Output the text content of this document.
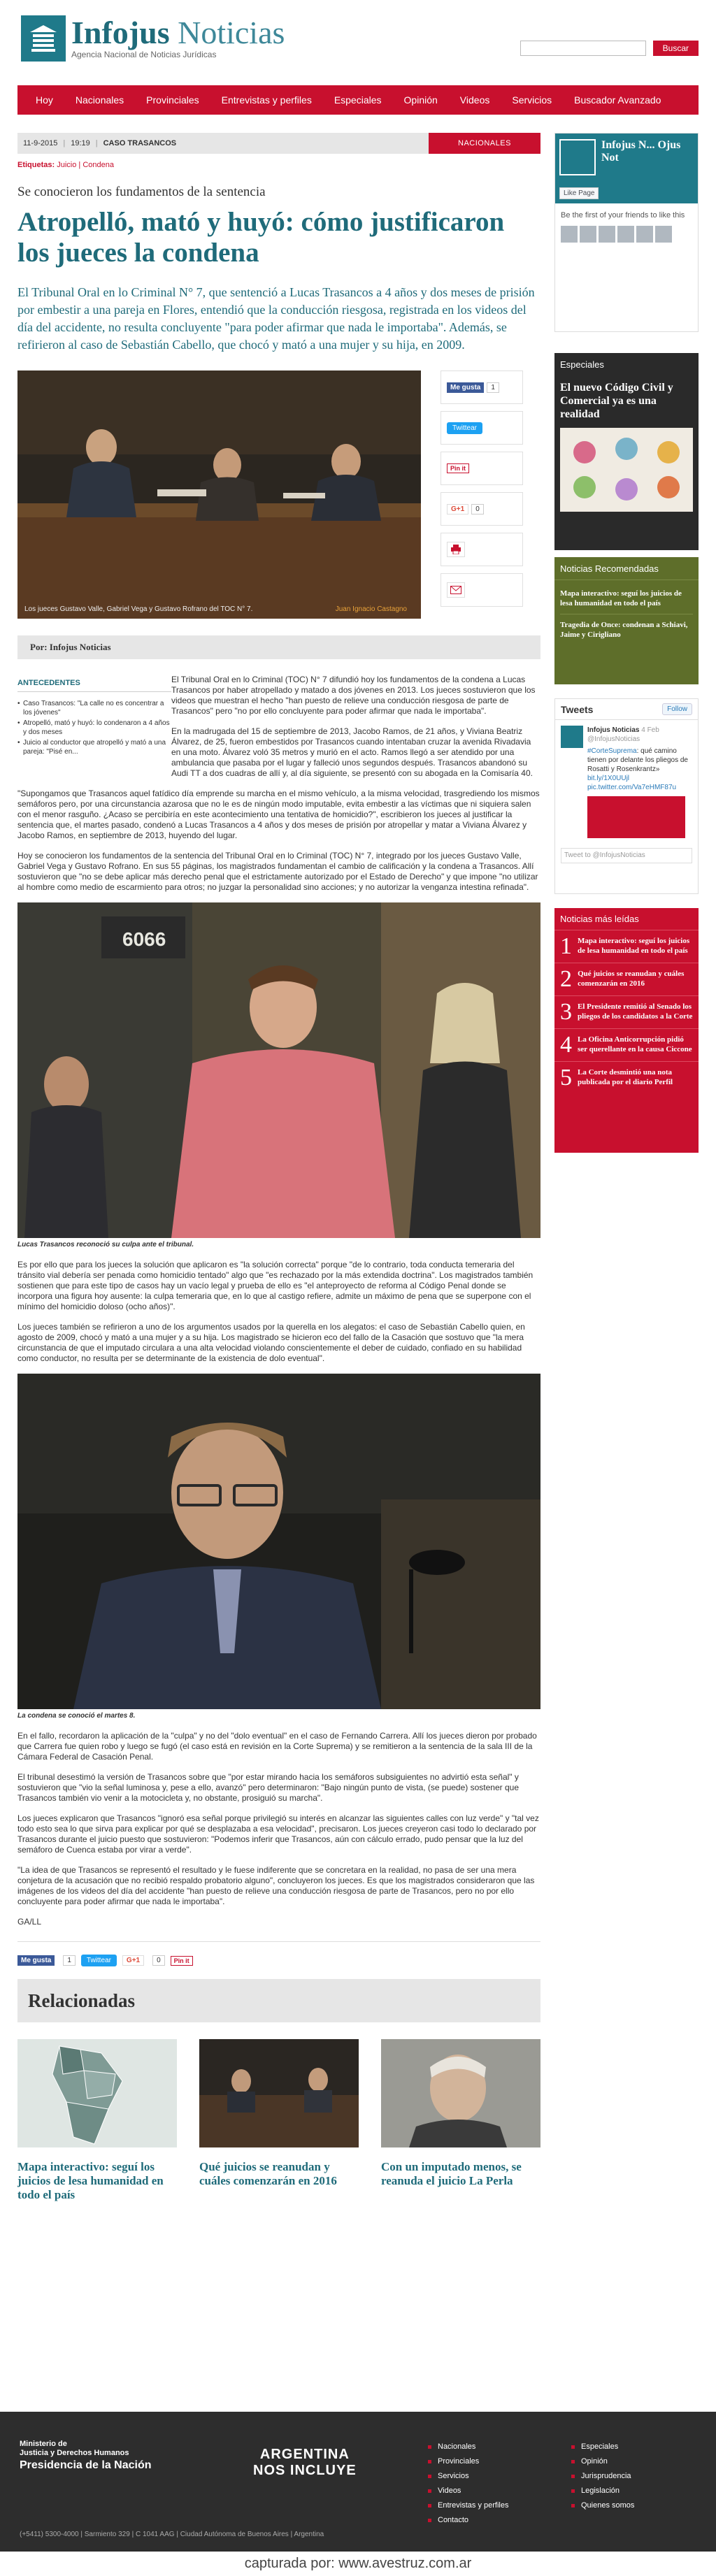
Infojus Noticias
Agencia Nacional de Noticias Jurídicas
Buscar
Hoy Nacionales Provinciales Entrevistas y perfiles Especiales Opinión Videos Servicios Buscador Avanzado
11-9-2015 | 19:19 | CASO TRASANCOS	NACIONALES
Etiquetas: Juicio | Condena
Se conocieron los fundamentos de la sentencia
Atropelló, mató y huyó: cómo justificaron los jueces la condena

El Tribunal Oral en lo Criminal N° 7, que sentenció a Lucas Trasancos a 4 años y dos meses de prisión por embestir a una pareja en Flores, entendió que la conducción riesgosa, registrada en los videos del día del accidente, no resulta concluyente "para poder afirmar que nada le importaba". Además, se refirieron al caso de Sebastián Cabello, que chocó y mató a una mujer y su hija, en 2009.

Los jueces Gustavo Valle, Gabriel Vega y Gustavo Rofrano del TOC N° 7.	Juan Ignacio Castagno
Me gusta	1
Twittear
Pin it
G+1	0
Por: Infojus Noticias
ANTECEDENTES
• Caso Trasancos: "La calle no es concentrar a los jóvenes"
• Atropelló, mató y huyó: lo condenaron a 4 años y dos meses
• Juicio al conductor que atropelló y mató a una pareja: "Pisé en...

El Tribunal Oral en lo Criminal (TOC) N° 7 difundió hoy los fundamentos de la condena a Lucas Trasancos por haber atropellado y matado a dos jóvenes en 2013. Los jueces sostuvieron que los videos que muestran el hecho "han puesto de relieve una conducción riesgosa de parte de Trasancos" pero "no por ello concluyente para poder afirmar que nada le importaba".

En la madrugada del 15 de septiembre de 2013, Jacobo Ramos, de 21 años, y Viviana Beatriz Álvarez, de 25, fueron embestidos por Trasancos cuando intentaban cruzar la avenida Rivadavia en una moto. Álvarez voló 35 metros y murió en el acto. Ramos llegó a ser atendido por una ambulancia que pasaba por el lugar y falleció unos segundos después. Trasancos abandonó su Audi TT a dos cuadras de allí y, al día siguiente, se presentó con su abogada en la Comisaría 40.

"Supongamos que Trasancos aquel fatídico día emprende su marcha en el mismo vehículo, a la misma velocidad, trasgrediendo los mismos semáforos pero, por una circunstancia azarosa que no le es de ningún modo imputable, evita embestir a las víctimas que ni siquiera salen con el menor rasguño. ¿Acaso se percibiría en este acontecimiento una tentativa de homicidio?", escribieron los jueces al justificar la sentencia que, el martes pasado, condenó a Lucas Trasancos a 4 años y dos meses de prisión por atropellar y matar a Viviana Álvarez y Jacobo Ramos, en septiembre de 2013, huyendo del lugar.

Hoy se conocieron los fundamentos de la sentencia del Tribunal Oral en lo Criminal (TOC) N° 7, integrado por los jueces Gustavo Valle, Gabriel Vega y Gustavo Rofrano. En sus 55 páginas, los magistrados fundamentan el cambio de calificación y la condena a Trasancos. Allí sostuvieron que "no se debe aplicar más derecho penal que el estrictamente autorizado por el Estado de Derecho" y que impone "no utilizar al hombre como medio de escarmiento para otros; no juzgar la personalidad sino acciones; y no autorizar la venganza intestina refinada".

6066
Lucas Trasancos reconoció su culpa ante el tribunal.

Es por ello que para los jueces la solución que aplicaron es "la solución correcta" porque "de lo contrario, toda conducta temeraria del tránsito vial debería ser penada como homicidio tentado" algo que "es rechazado por la más extendida doctrina". Los magistrados también sostienen que para este tipo de casos hay un vacío legal y prueba de ello es "el anteproyecto de reforma al Código Penal donde se incorpora una figura hoy ausente: la culpa temeraria que, en lo que al castigo refiere, admite un máximo de pena que se superpone con el mínimo del homicidio doloso (ocho años)".

Los jueces también se refirieron a uno de los argumentos usados por la querella en los alegatos: el caso de Sebastián Cabello quien, en agosto de 2009, chocó y mató a una mujer y a su hija. Los magistrado se hicieron eco del fallo de la Casación que sostuvo que "la mera circunstancia de que el imputado circulara a una alta velocidad violando conscientemente el deber de cuidado, confiado en su habilidad como conductor, no resulta per se determinante de la existencia de dolo eventual".

La condena se conoció el martes 8.

En el fallo, recordaron la aplicación de la "culpa" y no del "dolo eventual" en el caso de Fernando Carrera. Allí los jueces dieron por probado que Carrera fue quien robo y luego se fugó (el caso está en revisión en la Corte Suprema) y se remitieron a la sentencia de la sala III de la Cámara Federal de Casación Penal.

El tribunal desestimó la versión de Trasancos sobre que "por estar mirando hacia los semáforos subsiguientes no advirtió esta señal" y sostuvieron que "vio la señal luminosa y, pese a ello, avanzó" pero determinaron: "Bajo ningún punto de vista, (se puede) sostener que Trasancos también vio venir a la motocicleta y, no obstante, prosiguió su marcha".

Los jueces explicaron que Trasancos "ignoró esa señal porque privilegió su interés en alcanzar las siguientes calles con luz verde" y "tal vez todo esto sea lo que sirva para explicar por qué se desplazaba a esa velocidad", precisaron. Los jueces creyeron casi todo lo declarado por Trasancos durante el juicio puesto que sostuvieron: "Podemos inferir que Trasancos, aún con cálculo errado, pudo pensar que la luz del semáforo de Cuenca estaba por virar a verde".

"La idea de que Trasancos se representó el resultado y le fuese indiferente que se concretara en la realidad, no pasa de ser una mera conjetura de la acusación que no recibió respaldo probatorio alguno", concluyeron los jueces. Es que los magistrados consideraron que las imágenes de los videos del día del accidente "han puesto de relieve una conducción riesgosa de parte de Trasancos, pero no por ello concluyente para poder afirmar que nada le importaba".

GA/LL

Me gusta	1	Twittear	G+1	0	Pin it
Relacionadas
Mapa interactivo: seguí los juicios de lesa humanidad en todo el país
Qué juicios se reanudan y cuáles comenzarán en 2016
Con un imputado menos, se reanuda el juicio La Perla
Infojus N... Ojus Not
Like Page
Be the first of your friends to like this
Especiales
El nuevo Código Civil y Comercial ya es una realidad
Noticias Recomendadas
Mapa interactivo: seguí los juicios de lesa humanidad en todo el país
Tragedia de Once: condenan a Schiavi, Jaime y Cirigliano
Tweets	Follow
Infojus Noticias 4 Feb
@InfojusNoticias
#CorteSuprema: qué camino tienen por delante los pliegos de Rosatti y Rosenkrantz» bit.ly/1X0UUjl pic.twitter.com/Va7eHMF87u
Tweet to @InfojusNoticias
Noticias más leídas
1 Mapa interactivo: seguí los juicios de lesa humanidad en todo el país
2 Qué juicios se reanudan y cuáles comenzarán en 2016
3 El Presidente remitió al Senado los pliegos de los candidatos a la Corte
4 La Oficina Anticorrupción pidió ser querellante en la causa Ciccone
5 La Corte desmintió una nota publicada por el diario Perfil
Ministerio de
Justicia y Derechos Humanos
Presidencia de la Nación
ARGENTINA
NOS INCLUYE
Nacionales
Provinciales
Servicios
Videos
Entrevistas y perfiles
Contacto
Especiales
Opinión
Jurisprudencia
Legislación
Quienes somos
(+5411) 5300-4000 | Sarmiento 329 | C 1041 AAG | Ciudad Autónoma de Buenos Aires | Argentina
capturada por: www.avestruz.com.ar
